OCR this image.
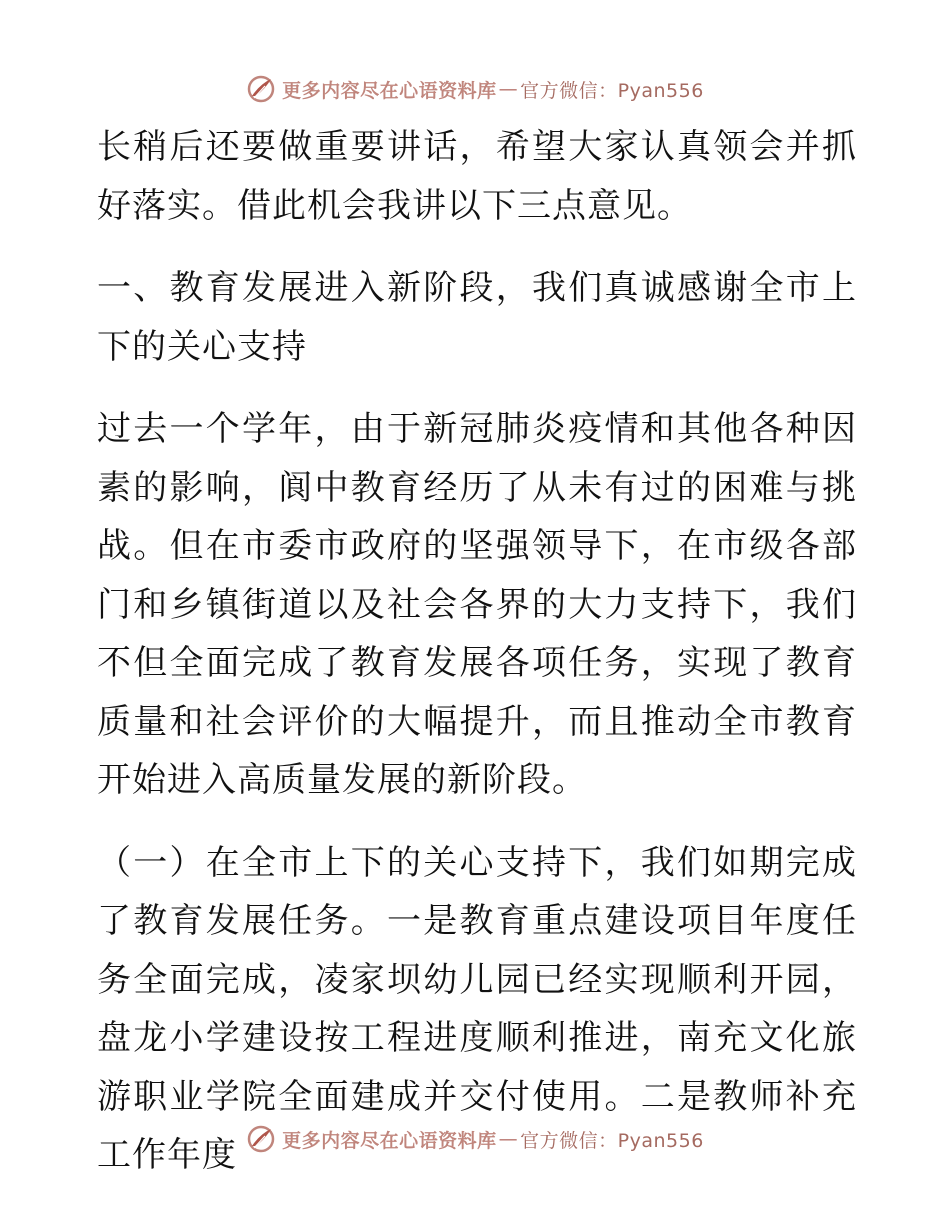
更多内容尽在心语资料库 — 官方微信：Pyan556

长稍后还要做重要讲话，希望大家认真领会并抓好落实。借此机会我讲以下三点意见。

一、教育发展进入新阶段，我们真诚感谢全市上下的关心支持

过去一个学年，由于新冠肺炎疫情和其他各种因素的影响，阆中教育经历了从未有过的困难与挑战。但在市委市政府的坚强领导下，在市级各部门和乡镇街道以及社会各界的大力支持下，我们不但全面完成了教育发展各项任务，实现了教育质量和社会评价的大幅提升，而且推动全市教育开始进入高质量发展的新阶段。

（一）在全市上下的关心支持下，我们如期完成了教育发展任务。一是教育重点建设项目年度任务全面完成，凌家坝幼儿园已经实现顺利开园，盘龙小学建设按工程进度顺利推进，南充文化旅游职业学院全面建成并交付使用。二是教师补充工作年度	更多内容尽在心语资料库 — 官方微信：Pyan556
